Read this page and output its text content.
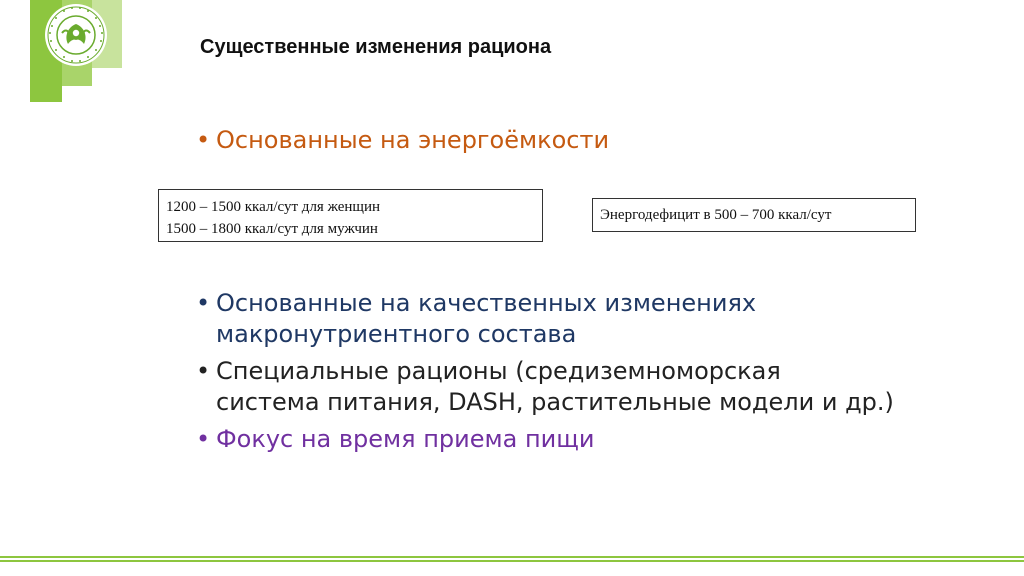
Существенные изменения рациона
• Основанные на энергоёмкости
1200 – 1500 ккал/сут для женщин
1500 – 1800 ккал/сут для мужчин
Энергодефицит в 500 – 700 ккал/сут
• Основанные на качественных изменениях
макронутриентного состава
• Специальные рационы (средиземноморская
система питания, DASH, растительные модели и др.)
• Фокус на время приема пищи
